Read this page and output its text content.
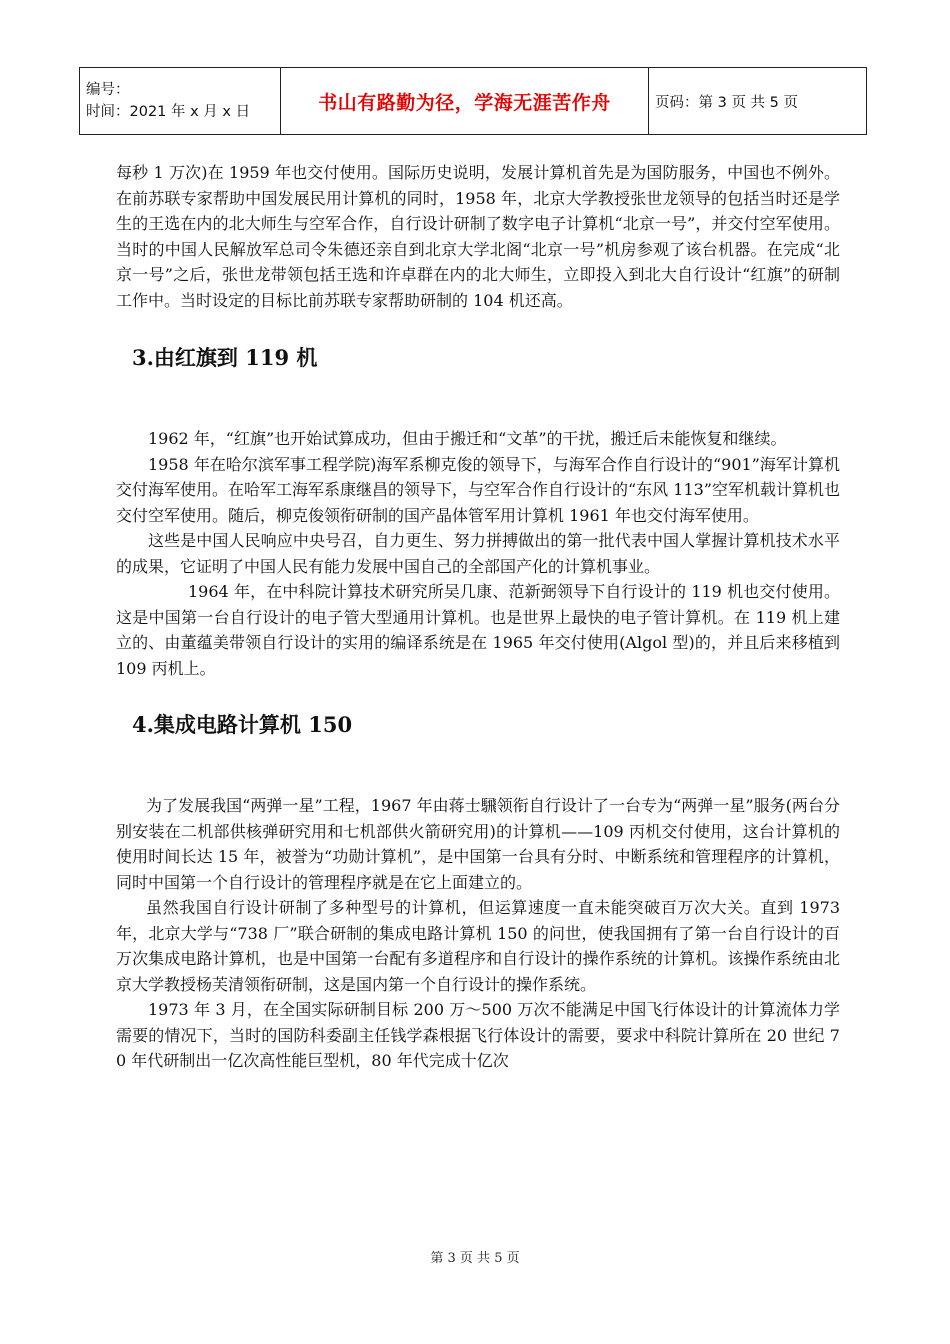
编号：
时间：2021 年 x 月 x 日	书山有路勤为径，学海无涯苦作舟	页码：第 3 页 共 5 页

每秒 1 万次)在 1959 年也交付使用。国际历史说明，发展计算机首先是为国防服务，中国也不例外。在前苏联专家帮助中国发展民用计算机的同时，1958 年，北京大学教授张世龙领导的包括当时还是学生的王选在内的北大师生与空军合作，自行设计研制了数字电子计算机“北京一号”，并交付空军使用。当时的中国人民解放军总司令朱德还亲自到北京大学北阁“北京一号”机房参观了该台机器。在完成“北京一号”之后，张世龙带领包括王选和许卓群在内的北大师生，立即投入到北大自行设计“红旗”的研制工作中。当时设定的目标比前苏联专家帮助研制的 104 机还高。

3.由红旗到 119 机

1962 年，“红旗”也开始试算成功，但由于搬迁和“文革”的干扰，搬迁后未能恢复和继续。

1958 年在哈尔滨军事工程学院)海军系柳克俊的领导下，与海军合作自行设计的“901”海军计算机交付海军使用。在哈军工海军系康继昌的领导下，与空军合作自行设计的“东风 113”空军机载计算机也交付空军使用。随后，柳克俊领衔研制的国产晶体管军用计算机 1961 年也交付海军使用。

这些是中国人民响应中央号召，自力更生、努力拼搏做出的第一批代表中国人掌握计算机技术水平的成果，它证明了中国人民有能力发展中国自己的全部国产化的计算机事业。

1964 年，在中科院计算技术研究所吴几康、范新弼领导下自行设计的 119 机也交付使用。这是中国第一台自行设计的电子管大型通用计算机。也是世界上最快的电子管计算机。在 119 机上建立的、由董蕴美带领自行设计的实用的编译系统是在 1965 年交付使用(Algol 型)的，并且后来移植到 109 丙机上。

4.集成电路计算机 150

为了发展我国“两弹一星”工程，1967 年由蒋士騛领衔自行设计了一台专为“两弹一星”服务(两台分别安装在二机部供核弹研究用和七机部供火箭研究用)的计算机——109 丙机交付使用，这台计算机的使用时间长达 15 年，被誉为“功勋计算机”，是中国第一台具有分时、中断系统和管理程序的计算机，同时中国第一个自行设计的管理程序就是在它上面建立的。

虽然我国自行设计研制了多种型号的计算机，但运算速度一直未能突破百万次大关。直到 1973 年，北京大学与“738 厂”联合研制的集成电路计算机 150 的问世，使我国拥有了第一台自行设计的百万次集成电路计算机，也是中国第一台配有多道程序和自行设计的操作系统的计算机。该操作系统由北京大学教授杨芙清领衔研制，这是国内第一个自行设计的操作系统。

1973 年 3 月，在全国实际研制目标 200 万～500 万次不能满足中国飞行体设计的计算流体力学需要的情况下，当时的国防科委副主任钱学森根据飞行体设计的需要，要求中科院计算所在 20 世纪 70 年代研制出一亿次高性能巨型机，80 年代完成十亿次

第 3 页 共 5 页
